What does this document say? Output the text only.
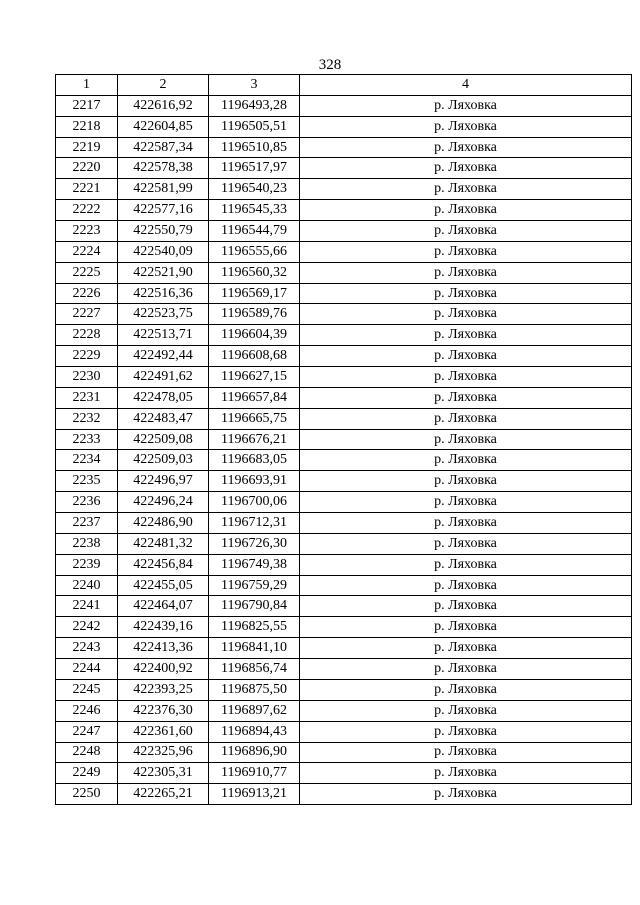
328
1	2	3	4
2217	422616,92	1196493,28	р. Ляховка
2218	422604,85	1196505,51	р. Ляховка
2219	422587,34	1196510,85	р. Ляховка
2220	422578,38	1196517,97	р. Ляховка
2221	422581,99	1196540,23	р. Ляховка
2222	422577,16	1196545,33	р. Ляховка
2223	422550,79	1196544,79	р. Ляховка
2224	422540,09	1196555,66	р. Ляховка
2225	422521,90	1196560,32	р. Ляховка
2226	422516,36	1196569,17	р. Ляховка
2227	422523,75	1196589,76	р. Ляховка
2228	422513,71	1196604,39	р. Ляховка
2229	422492,44	1196608,68	р. Ляховка
2230	422491,62	1196627,15	р. Ляховка
2231	422478,05	1196657,84	р. Ляховка
2232	422483,47	1196665,75	р. Ляховка
2233	422509,08	1196676,21	р. Ляховка
2234	422509,03	1196683,05	р. Ляховка
2235	422496,97	1196693,91	р. Ляховка
2236	422496,24	1196700,06	р. Ляховка
2237	422486,90	1196712,31	р. Ляховка
2238	422481,32	1196726,30	р. Ляховка
2239	422456,84	1196749,38	р. Ляховка
2240	422455,05	1196759,29	р. Ляховка
2241	422464,07	1196790,84	р. Ляховка
2242	422439,16	1196825,55	р. Ляховка
2243	422413,36	1196841,10	р. Ляховка
2244	422400,92	1196856,74	р. Ляховка
2245	422393,25	1196875,50	р. Ляховка
2246	422376,30	1196897,62	р. Ляховка
2247	422361,60	1196894,43	р. Ляховка
2248	422325,96	1196896,90	р. Ляховка
2249	422305,31	1196910,77	р. Ляховка
2250	422265,21	1196913,21	р. Ляховка
